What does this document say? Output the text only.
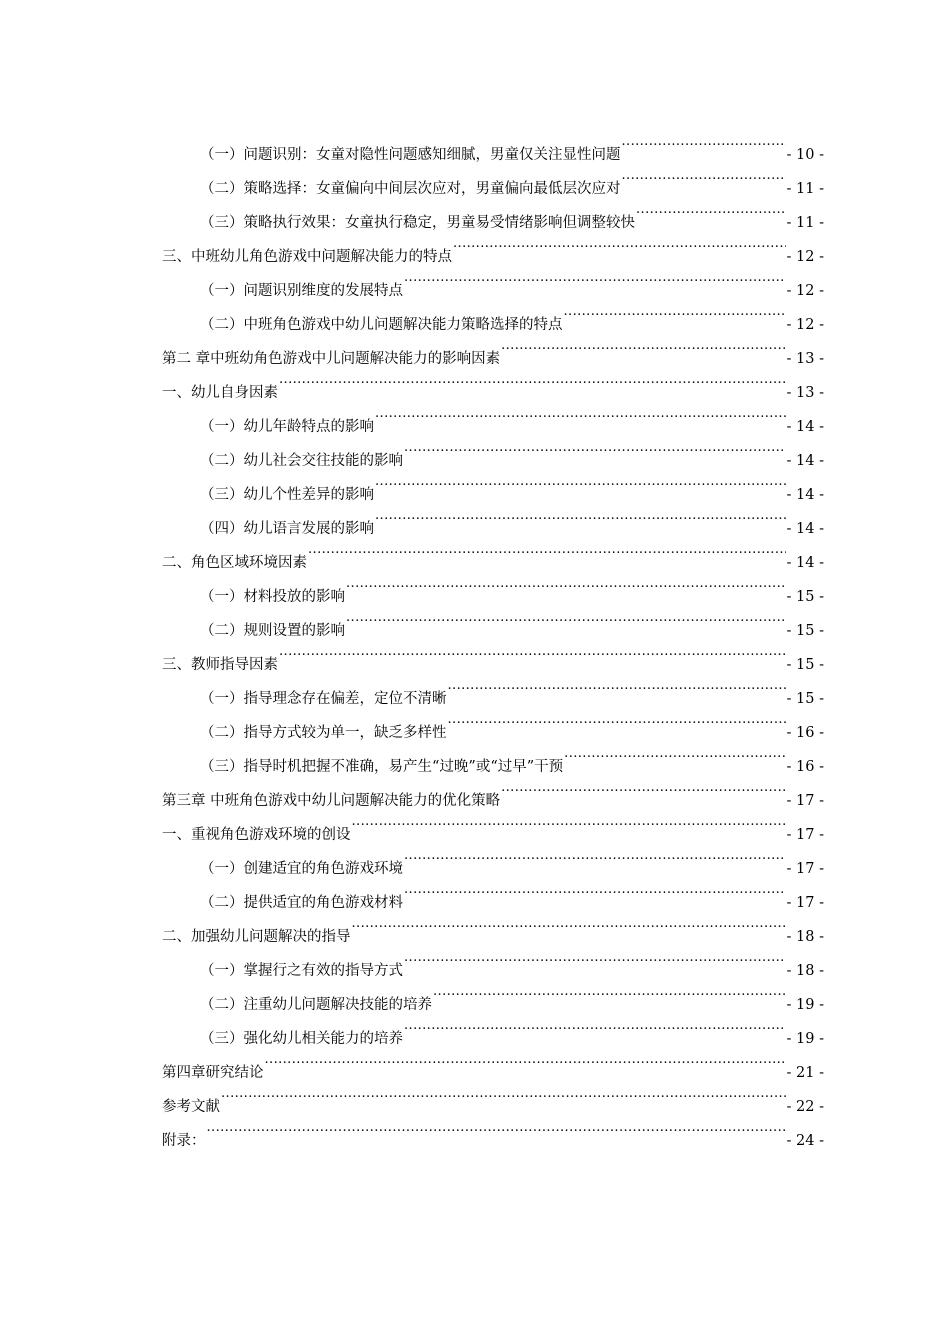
（一）问题识别：女童对隐性问题感知细腻，男童仅关注显性问题 .....	- 10 -
（二）策略选择：女童偏向中间层次应对，男童偏向最低层次应对 .....	- 11 -
（三）策略执行效果：女童执行稳定，男童易受情绪影响但调整较快 .....	- 11 -
三、中班幼儿角色游戏中问题解决能力的特点 .....	- 12 -
（一）问题识别维度的发展特点 .....	- 12 -
（二）中班角色游戏中幼儿问题解决能力策略选择的特点 .....	- 12 -
第二 章中班幼角色游戏中儿问题解决能力的影响因素 .....	- 13 -
一、幼儿自身因素 .....	- 13 -
（一）幼儿年龄特点的影响 .....	- 14 -
（二）幼儿社会交往技能的影响 .....	- 14 -
（三）幼儿个性差异的影响 .....	- 14 -
（四）幼儿语言发展的影响 .....	- 14 -
二、角色区域环境因素 .....	- 14 -
（一）材料投放的影响 .....	- 15 -
（二）规则设置的影响 .....	- 15 -
三、教师指导因素 .....	- 15 -
（一）指导理念存在偏差，定位不清晰 .....	- 15 -
（二）指导方式较为单一，缺乏多样性 .....	- 16 -
（三）指导时机把握不准确，易产生“过晚”或“过早”干预 .....	- 16 -
第三章 中班角色游戏中幼儿问题解决能力的优化策略 .....	- 17 -
一、重视角色游戏环境的创设 .....	- 17 -
（一）创建适宜的角色游戏环境 .....	- 17 -
（二）提供适宜的角色游戏材料 .....	- 17 -
二、加强幼儿问题解决的指导 .....	- 18 -
（一）掌握行之有效的指导方式 .....	- 18 -
（二）注重幼儿问题解决技能的培养 .....	- 19 -
（三）强化幼儿相关能力的培养 .....	- 19 -
第四章研究结论 .....	- 21 -
参考文献 .....	- 22 -
附录： .....	- 24 -
